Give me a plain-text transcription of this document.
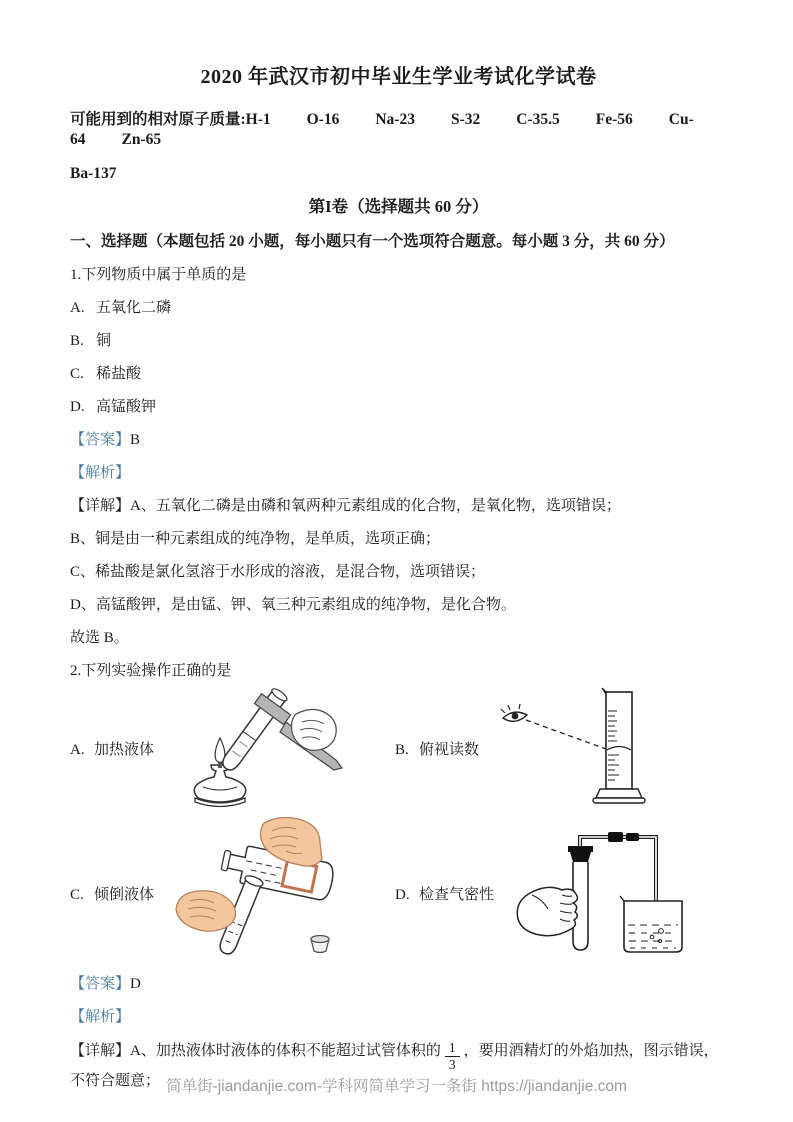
2020 年武汉市初中毕业生学业考试化学试卷

可能用到的相对原子质量:H-1 O-16 Na-23 S-32 C-35.5 Fe-56 Cu-64 Zn-65

Ba-137

第I卷（选择题共 60 分）

一、选择题（本题包括 20 小题，每小题只有一个选项符合题意。每小题 3 分，共 60 分）

1.下列物质中属于单质的是

A. 五氧化二磷

B. 铜

C. 稀盐酸

D. 高锰酸钾

【答案】B

【解析】

【详解】A、五氧化二磷是由磷和氧两种元素组成的化合物，是氧化物，选项错误；

B、铜是由一种元素组成的纯净物，是单质，选项正确；

C、稀盐酸是氯化氢溶于水形成的溶液，是混合物，选项错误；

D、高锰酸钾，是由锰、钾、氧三种元素组成的纯净物，是化合物。

故选 B。

2.下列实验操作正确的是

A. 加热液体	B. 俯视读数
C. 倾倒液体	D. 检查气密性

【答案】D

【解析】

【详解】A、加热液体时液体的体积不能超过试管体积的 $\frac{1}{3}$ ，要用酒精灯的外焰加热，图示错误，不符合题意； 简单街-jiandanjie.com-学科网简单学习一条街 https://jiandanjie.com
